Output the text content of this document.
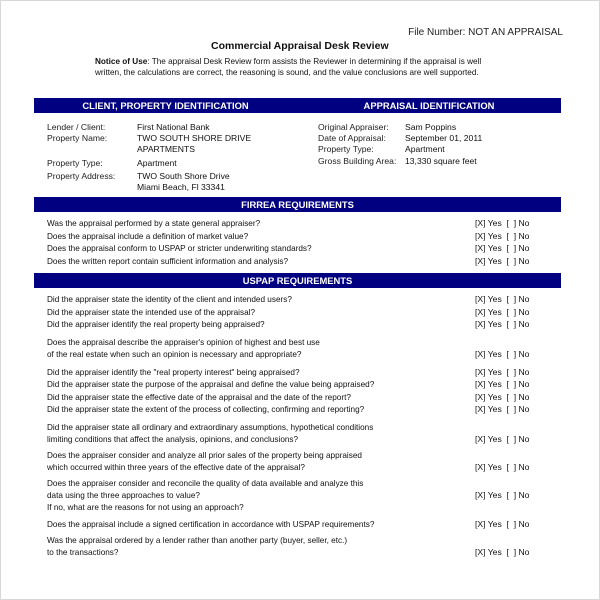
File Number: NOT AN APPRAISAL
Commercial Appraisal Desk Review
Notice of Use: The appraisal Desk Review form assists the Reviewer in determining if the appraisal is well
written, the calculations are correct, the reasoning is sound, and the value conclusions are well supported.
CLIENT, PROPERTY IDENTIFICATION	APPRAISAL IDENTIFICATION
Lender / Client:	First National Bank
Property Name:	TWO SOUTH SHORE DRIVE
APARTMENTS
Property Type:	Apartment
Property Address:	TWO South Shore Drive
Miami Beach, Fl 33341
Original Appraiser:	Sam Poppins
Date of Appraisal:	September 01, 2011
Property Type:	Apartment
Gross Building Area:	13,330 square feet
FIRREA REQUIREMENTS
Was the appraisal performed by a state general appraiser?	[X] Yes  [  ] No
Does the appraisal include a definition of market value?	[X] Yes  [  ] No
Does the appraisal conform to USPAP or stricter underwriting standards?	[X] Yes  [  ] No
Does the written report contain sufficient information and analysis?	[X] Yes  [  ] No
USPAP REQUIREMENTS
Did the appraiser state the identity of the client and intended users?	[X] Yes  [  ] No
Did the appraiser state the intended use of the appraisal?	[X] Yes  [  ] No
Did the appraiser identify the real property being appraised?	[X] Yes  [  ] No
Does the appraisal describe the appraiser's opinion of highest and best use
of the real estate when such an opinion is necessary and appropriate?	[X] Yes  [  ] No
Did the appraiser identify the "real property interest" being appraised?	[X] Yes  [  ] No
Did the appraiser state the purpose of the appraisal and define the value being appraised?	[X] Yes  [  ] No
Did the appraiser state the effective date of the appraisal and the date of the report?	[X] Yes  [  ] No
Did the appraiser state the extent of the process of collecting, confirming and reporting?	[X] Yes  [  ] No
Did the appraiser state all ordinary and extraordinary assumptions, hypothetical conditions
limiting conditions that affect the analysis, opinions, and conclusions?	[X] Yes  [  ] No
Does the appraiser consider and analyze all prior sales of the property being appraised
which occurred within three years of the effective date of the appraisal?	[X] Yes  [  ] No
Does the appraiser consider and reconcile the quality of data available and analyze this
data using the three approaches to value?
If no, what are the reasons for not using an approach?
[X] Yes  [  ] No
Does the appraisal include a signed certification in accordance with USPAP requirements?	[X] Yes  [  ] No
Was the appraisal ordered by a lender rather than another party (buyer, seller, etc.)
to the transactions?	[X] Yes  [  ] No
